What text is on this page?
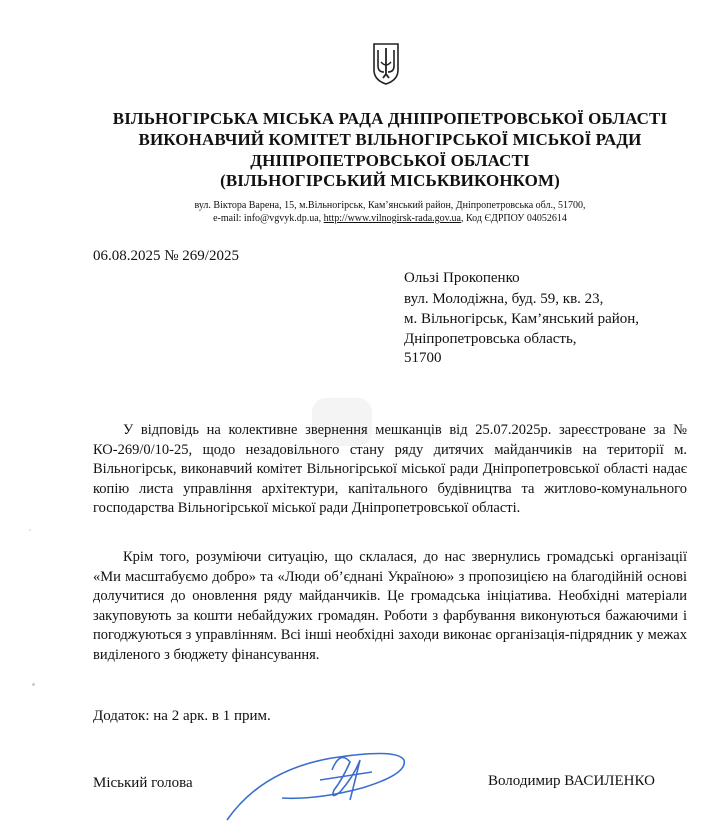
ВІЛЬНОГІРСЬКА МІСЬКА РАДА ДНІПРОПЕТРОВСЬКОЇ ОБЛАСТІ
ВИКОНАВЧИЙ КОМІТЕТ ВІЛЬНОГІРСЬКОЇ МІСЬКОЇ РАДИ
ДНІПРОПЕТРОВСЬКОЇ ОБЛАСТІ
(ВІЛЬНОГІРСЬКИЙ МІСЬКВИКОНКОМ)
вул. Віктора Варена, 15, м.Вільногірськ, Кам’янський район, Дніпропетровська обл., 51700,
e-mail: info@vgvyk.dp.ua, http://www.vilnogirsk-rada.gov.ua, Код ЄДРПОУ 04052614
06.08.2025 № 269/2025
Ользі Прокопенко
вул. Молодіжна, буд. 59, кв. 23,
м. Вільногірськ, Кам’янський район,
Дніпропетровська область,
51700

У відповідь на колективне звернення мешканців від 25.07.2025р. зареєстроване за № КО-269/0/10-25, щодо незадовільного стану ряду дитячих майданчиків на території м. Вільногірськ, виконавчий комітет Вільногірської міської ради Дніпропетровської області надає копію листа управління архітектури, капітального будівництва та житлово-комунального господарства Вільногірської міської ради Дніпропетровської області.

Крім того, розуміючи ситуацію, що склалася, до нас звернулись громадські організації «Ми масштабуємо добро» та «Люди об’єднані Україною» з пропозицією на благодійній основі долучитися до оновлення ряду майданчиків. Це громадська ініціатива. Необхідні матеріали закуповують за кошти небайдужих громадян. Роботи з фарбування виконуються бажаючими і погоджуються з управлінням. Всі інші необхідні заходи виконає організація-підрядник у межах виділеного з бюджету фінансування.

Додаток: на 2 арк. в 1 прим.
Міський голова	Володимир ВАСИЛЕНКО
